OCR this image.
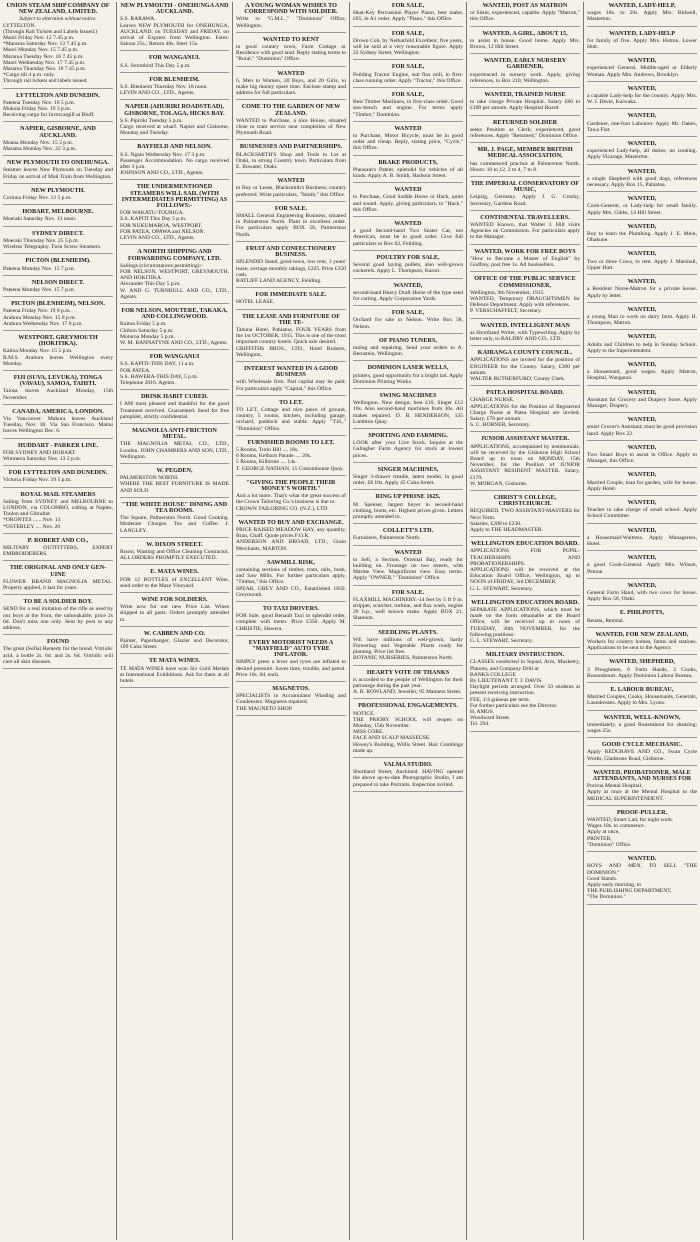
UNION STEAM SHIP COMPANY OF NEW ZEALAND, LIMITED.
Subject to alteration without notice.
LYTTELTON.
(Through Rail Tickets and Labels Issued.)
Maori Friday Nov. 12 7.45 p.m.
*Mararoa Saturday Nov. 13 7.45 p.m.
Maori Monday Nov. 15 7.45 p.m.
Mararoa Tuesday Nov. 16 7.45 p.m.
Maori Wednesday Nov. 17 7.45 p.m.
Mararoa Thursday Nov. 18 7.45 p.m.
*Cargo till 4 p.m. only.
Through rail tickets and labels issued.
LYTTELTON AND DUNEDIN.
Pateena Tuesday Nov. 16 5 p.m.
Mokoia Friday Nov. 19 3 p.m.
Receiving cargo for Invercargill at Bluff.
NAPIER, GISBORNE, AND AUCKLAND.
Moana Monday Nov. 15 3 p.m.
Marama Monday Nov. 22 3 p.m.
NEW PLYMOUTH TO ONEHUNGA.
Steamer leaves New Plymouth on Tuesday and Friday on arrival of Mail Train from Wellington.
NEW PLYMOUTH.
Corinna Friday Nov. 12 5 p.m.
HOBART, MELBOURNE.
Moeraki Saturday Nov. 13 noon.
SYDNEY DIRECT.
Moeraki Thursday Nov. 25 5 p.m.
Wireless Telegraphy. Twin Screw Steamers.
PICTON (BLENHEIM).
Pateena Monday Nov. 15 7 p.m.
NELSON DIRECT.
Pateena Monday Nov. 15 7 p.m.
PICTON (BLENHEIM), NELSON.
Pateena Friday Nov. 19 8 p.m.
Arahura Monday Nov. 15 8 p.m.
Arahura Wednesday Nov. 17 8 p.m.
WESTPORT, GREYMOUTH (HOKITIKA).
Kaitoa Monday Nov. 15 5 p.m.
R.M.S. Arahura leaves Wellington every Monday.
FIJI (SUVA, LEVUKA), TONGA (VAVAU), SAMOA, TAHITI.
Taiosa leaves Auckland Monday, 15th November.
CANADA, AMERICA, LONDON.
Via Vancouver. Makura leaves Auckland Tuesday, Nov. 30. Via San Francisco. Maitai leaves Wellington Dec. 6.
HUDDART - PARKER LINE.
FOR SYDNEY AND HOBART.
Wimmera Saturday Nov. 13 2 p.m.
FOR LYTTELTON AND DUNEDIN.
Victoria Friday Nov. 19 5 p.m.
ROYAL MAIL STEAMERS
Sailing from SYDNEY and MELBOURNE to LONDON, via COLOMBO, calling at Naples, Toulon and Gibraltar.
*ORONTES ...... Nov. 13
*OSTERLEY .... Nov. 20
P. ROBERT AND CO.,
MILITARY OUTFITTERS, EXPERT EMBROIDERERS.
THE ORIGINAL AND ONLY GEN-UINE
FLOWER BRAND MAGNOLIA METAL. Property applied, it last for years.
TO BE A SOLDIER BOY.
SEND for a real imitation of the rifle as used by our boys at the front, the unbreakable, price 2s 6d. Don't miss one only. Sent by post to any address.
FOUND
The great (Sofia) Remedy for the bread. Vitriolic acid, a bottle 2s. 6d. and 2s. 6d. Vitriolic will cure all skin diseases.
NEW PLYMOUTH - ONEHUNGA AND AUCKLAND.
S.S. RARAWA.
Leaves NEW PLYMOUTH for ONEHUNGA, AUCKLAND, on TUESDAY and FRIDAY, on arrival of Express from Wellington. Fares: Saloon 25s.; Return 40s. Steer 15s.
FOR WANGANUI.
S.S. Stormbird This Day 5 p.m.
FOR BLENHEIM.
S.S. Blenheim Thursday Nov. 18 noon.
LEVIN AND CO., LTD., Agents.
NAPIER (AHURIRI ROADSTEAD), GISBORNE, TOLAGA, HICKS BAY.
S.S. Pipiriki Tuesday 5 p.m.
Cargo received at wharf. Napier and Gisborne, Monday and Tuesday.
BAYFIELD AND NELSON.
S.S. Ngaio Wednesday Nov. 17 3 p.m.
Passenger Accommodation. No cargo received after 3 p.m.
JOHNSON AND CO., LTD., Agents.
THE UNDERMENTIONED STEAMERS WILL SAIL (WITH INTERMEDIATES PERMITTING) AS FOLLOWS:-
FOR WAKATU-TOURIGA.
S.S. KAPITI This Day 5 p.m.
FOR NUKUMAROA, WESTPORT.
FOR PATEA, OPAWA and NELSON.
LEVIN AND CO., LTD., Agents.
A NORTH SHIPPING AND FORWARDING COMPANY, LTD.
Sailings (circumstances permitting):-
FOR NELSON, WESTPORT, GREYMOUTH, AND HOKITIKA.
Alexander This Day 5 p.m.
W. AND G. TURNBULL AND CO., LTD., Agents.
FOR NELSON, MOUTERE, TAKAKA, AND COLLINGWOOD.
Kaitoa Friday 5 p.m.
Chilton Saturday 5 p.m.
Moturoa Monday 5 p.m.
W. M. BANNATYNE AND CO., LTD., Agents.
FOR WANGANUI
S.S. KAPITI-THIS DAY, 11 a.m.
FOR PATEA.
S.S. HAWERA-THIS DAY, 5 p.m.
Telephone 2016. Agents.
DRINK HABIT CURED.
I AM most pleased and thankful for the good Treatment received. Guaranteed. Send for free pamphlet, strictly confidential.
MAGNOLIA ANTI-FRICTION METAL.
THE MAGNOLIA METAL CO., LTD., London. JOHN CHAMBERS AND SON, LTD., Wellington.
W. PEGDEN,
PALMERSTON NORTH.
WHERE THE BEST FURNITURE IS MADE AND SOLD.
"THE WHITE HOUSE" DINING AND TEA ROOMS.
The Square, Palmerston North. Good Cooking. Moderate Charges. Tea and Coffee. J. LANGLEY.
W. DIXON STREET.
Room, Wasting and Office Cleaning Contractor. ALL ORDERS PROMPTLY EXECUTED.
E. MATA WINES.
FOR 12 BOTTLES of EXCELLENT Wine, send order to the Maze Vineyard.
WINE FOR SOLDIERS.
Write now for our new Price List. Wines shipped to all parts. Orders promptly attended to.
W. CABBEN AND CO.
Painter, Paperhanger, Glazier and Decorator, 109 Cuba Street.
TE MATA WINES.
TE MATA WINES have won Six Gold Medals at International Exhibitions. Ask for them at all hotels.
A YOUNG WOMAN WISHES TO CORRESPOND WITH SOLDIER.
Write to "G.M.L.," "Dominion" Office, Wellington.
WANTED TO RENT
in good country town, Farm Cottage or Residence with good land. Reply stating terms to "Rural," "Dominion" Office.
WANTED
6, Men to Women, 20 Boys, and 20 Girls, to make big money spare time. Enclose stamp and address for full particulars.
COME TO THE GARDEN OF NEW ZEALAND.
WANTED to Purchase, a nice House, situated close to tram service near completion of New Plymouth Road.
BUSINESSES AND PARTNERSHIPS.
BLACKSMITH'S Shop and Tools to Let at Otaki, in strong Country town. Particulars from E. Bowater, Otaki.
WANTED
to Buy or Lease, Blacksmith's Business; country preferred. Write particulars, "Smith," this Office.
FOR SALE.
SMALL General Engineering Business, situated in Palmerston North. Plant in excellent order. For particulars apply BOX 58, Palmerston North.
FRUIT AND CONFECTIONERY BUSINESS.
SPLENDID Stand, good town, low rent, 3 years' lease; average monthly takings, £225. Price £350 cash.
RATLIFF LAND AGENCY, Feilding.
FOR IMMEDIATE SALE.
HOTEL LEASE.
THE LEASE AND FURNITURE OF THE TE-
Tahuna Hotel, Pahiatua, FOUR YEARS from the 1st OCTOBER, 1915. This is one of the most important country hotels. Quick sale desired.
GRIFFITHS BROS., LTD., Hotel Brokers, Wellington.
INTEREST WANTED IN A GOOD BUSINESS
with Wholesale firm. Part capital may be paid. For particulars apply "Capital," this Office.
TO LET.
TO LET, Cottage and nice piece of ground, country, 5 rooms, kitchen, including garage, orchard, paddock and stable. Apply "T.H.," "Dominion" Office.
FURNISHED ROOMS TO LET.
5 Rooms, Turin Hill .... 18s.
6 Rooms, Kelburn Parade .... 20s.
5 Rooms, Kilbirnie .... 14s.
T. GEORGE NATHAN, 15 Customhouse Quay.
"GIVING THE PEOPLE THEIR MONEY'S WORTH."
And a lot more. That's what the great success of the Crown Tailoring Co.'s business is due to.
CROWN TAILORING CO. (N.Z.), LTD.
WANTED TO BUY AND EXCHANGE.
PRICE RAISED MEADOW HAY, any quantity, Bran, Chaff. Quote prices F.O.R.
ANDERSON AND BROAD, LTD., Grain Merchants, MARTON.
SAWMILL RISK,
containing sections of timber, tram, rails, bush, and Saw Mills. For further particulars apply, "Timber," this Office.
SPEAR, GREY AND CO., Established 1850. Greymouth.
TO TAXI DRIVERS.
FOR Sale, good Renault Taxi in splendid order, complete with meter. Price £350. Apply M. CHRISTIE, Hawera.
EVERY MOTORIST NEEDS A "MAYFIELD" AUTO TYRE INFLATOR.
SIMPLY press a lever and tyres are inflated to desired pressure. Saves time, trouble, and petrol. Price 10s. 6d. each.
MAGNETOS.
SPECIALISTS in Accumulator Winding and Condensers. Magnetos repaired.
THE MAGNETO SHOP.
FOR SALE,
Heat-Key Percussion Player Piano, best make, £85, in A1 order. Apply "Piano," this Office.
FOR SALE,
Drown Cob, by Nelbachild Excellent, five years, will be sold at a very reasonable figure. Apply 22 Sydney Street, Wellington.
FOR SALE,
Feilding Tractor Engine, suit flax mill, in first-class running order. Apply "Tractor," this Office.
FOR SALE,
Best Timber Machines, in first-class order. Good saw-bench and engine. For terms apply "Timber," Dominion.
WANTED
to Purchase, Motor Bicycle, must be in good order and cheap. Reply, stating price, "Cycle," this Office.
BRAKE PRODUCTS,
Pheasant's Patent, splendid for vehicles of all kinds. Apply A. B. Smith, Harbour Street.
WANTED
to Purchase, Good Saddle Horse or Hack, quiet and sound. Apply, giving particulars, to "Hack," this Office.
WANTED
a good Second-hand Two Seater Car, not American, must be in good order. Give full particulars to Box 62, Feilding.
POULTRY FOR SALE,
Several good laying pullets, also well-grown cockerels. Apply L. Thompson, Karori.
WANTED,
second-hand Heavy Draft Horse of the type used for carting. Apply Corporation Yards.
FOR SALE,
Orchard for sale in Nelson. Write Box 58, Nelson.
OF PIANO TUNERS,
tuning and repairing. Send your orders to A. Bernstein, Wellington.
DOMINION LASER WELLS,
printers, good opportunity for a bright lad. Apply Dominion Printing Works.
SWING MACHINES
Wellington. New design; best £10, Singer £12 10s. Also second-hand machines from 30s. All makes repaired. D. B. HENDERSON, 135 Lambton Quay.
SPORTING AND FARMING.
LOOK after your Live Stock. Inquire at the Gallagher Farm Agency for stock at lowest prices.
SINGER MACHINES,
Singer 3-drawer treadle, latest model, in good order, £8 10s. Apply 45 Cuba Street.
RING UP PHONE 1625,
M. Spenser, largest buyer in second-hand clothing, boots, etc. Highest prices given. Letters promptly attended to.
COLLETT'S LTD.
Furnishers, Palmerston North.
WANTED
to Sell, a Section, Oriental Bay, ready for building on. Frontage on two streets, with Marine View. Magnificent view. Easy terms. Apply "OWNER," "Dominion" Office.
FOR SALE.
FLAXMILL MACHINERY.-14 feet by 5 ft 9 in. stripper, scutcher, turbine, and flax wash, engine 20 h.p., well known make. Apply BOX 21, Shannon.
SEEDLING PLANTS.
WE have millions of well-grown, hardy Flowering and Vegetable Plants ready for planting. Price list free.
BOTANIC NURSERIES, Palmerston North.
HEARTY VOTE OF THANKS
is accorded to the people of Wellington for their patronage during the past year.
A. R. ROWLAND, Jeweller, 95 Manners Street.
PROFESSIONAL ENGAGEMENTS.
NOTICE.
THE PRIORY SCHOOL will reopen on Monday, 15th November.
MISS CORE.
FACE AND SCALP MASSEUSE.
Howey's Building, Willis Street. Hair Combings made up.
VALMA STUDIO.
Shortland Street, Auckland. HAVING opened the above up-to-date Photographic Studio, I am prepared to take Portraits. Inspection invited.
WANTED, POST AS MATRON
or Sister, experienced, capable. Apply "Matron," this Office.
WANTED, A GIRL, ABOUT 15,
to assist in house. Good home. Apply Mrs. Brown, 12 Hill Street.
WANTED, EARLY NURSERY GARDENER,
experienced in nursery work. Apply, giving references, to Box 210, Wellington.
WANTED, TRAINED NURSE
to take charge Private Hospital. Salary £80 to £100 per annum. Apply Hospital Board.
RETURNED SOLDIER
seeks Position as Clerk; experienced, good references. Apply "Returned," Dominion Office.
MR. J. PAGE, MEMBER BRITISH MEDICAL ASSOCIATION,
has commenced practice at Palmerston North. Hours: 10 to 12, 2 to 4, 7 to 8.
THE IMPERIAL CONSERVATORY OF MUSIC,
Leipzig, Germany. Apply J. G. Crosby, Secretary, Gardens Road.
CONTINENTAL TRAVELLERS.
WANTED Known, that Walter J. Hill visits Agencies on Commission. For particulars apply to the Manager.
WANTED, WORK FOR FREE BOYS
"How to Become a Master of English" by Godfrey, post free 1s. All booksellers.
OFFICE OF THE PUBLIC SERVICE COMMISSIONER,
Wellington, 9th November, 1915.
WANTED, Temporary DRAUGHTSMEN for Defence Department. Apply with references.
P. VERSCHAFFELT, Secretary.
WANTED, INTELLIGENT MAN
as Shorthand Writer, with Typewriting. Apply by letter only, to BALDRY AND CO., LTD.
KAIRANGA COUNTY COUNCIL.
APPLICATIONS are invited for the position of ENGINEER for the County. Salary, £300 per annum.
WALTER RUTHERFURD, County Clerk.
PATEA HOSPITAL BOARD.
CHARGE NURSE.
APPLICATIONS for the Position of Registered Charge Nurse at Patea Hospital are invited. Salary, £70 per annum.
S. C. HORNER, Secretary.
JUNIOR ASSISTANT MASTER.
APPLICATIONS, accompanied by testimonials, will be received by the Gisborne High School Board up to noon on MONDAY, 15th November, for the Position of JUNIOR ASSISTANT RESIDENT MASTER. Salary, £170.
W. MORGAN, Gisborne.
CHRIST'S COLLEGE, CHRISTCHURCH.
REQUIRED, TWO ASSISTANT-MASTERS for Next Term.
Salaries, £200 to £230.
Apply to THE HEADMASTER.
WELLINGTON EDUCATION BOARD.
APPLICATIONS FOR PUPIL-TEACHERSHIPS AND PROBATIONERSHIPS.
APPLICATIONS will be received at the Education Board Office, Wellington, up to NOON of FRIDAY, 3rd DECEMBER.
G. L. STEWART, Secretary.
WELLINGTON EDUCATION BOARD.
SEPARATE APPLICATIONS, which must be made on the form obtainable at the Board Office, will be received up to noon of TUESDAY, 30th NOVEMBER, for the following positions:
G. L. STEWART, Secretary.
MILITARY INSTRUCTION.
CLASSES conducted in Squad, Arm, Musketry, Platoon, and Company Drill at
BANKS COLLEGE
By LIEUTENANT T. J. DAVIS.
Daylight periods arranged. Over 50 students at present receiving instruction.
FEE, 1/4 guineas per term.
For further particulars see the Director.
H. AMOS.
Woodward Street.
Tel. 294.
WANTED, LADY-HELP,
wages 18s. to 20s. Apply Mrs. Bidwell, Masterton.
WANTED, LADY-HELP
for family of five. Apply Mrs. Hutton, Lower Hutt.
WANTED,
experienced General, Middle-aged or Elderly Woman. Apply Mrs. Andrews, Brooklyn.
WANTED,
a capable Lady-help for the country. Apply Mrs. W. J. Devie, Kaiwaka.
WANTED,
Gardener, one-foot Labourer. Apply Mr. Oakes, Tawa Flat.
WANTED,
experienced Lady-help, all duties; no cooking. Apply Vicarage, Masterton.
WANTED,
a single Shepherd with good dogs, references necessary. Apply Box 15, Pahiatua.
WANTED,
Cook-General, or Lady-help for small family. Apply Mrs. Gibbs, 14 Hill Street.
WANTED,
Boy to learn the Plumbing. Apply J. E. Mein, Ohakune.
WANTED,
Two or three Cows, to rent. Apply J. Marshall, Upper Hutt.
WANTED,
a Resident Nurse-Matron for a private house. Apply by letter.
WANTED,
a young Man to work on dairy farm. Apply H. Thompson, Marton.
WANTED,
Adults and Children to help in Sunday School. Apply to the Superintendent.
WANTED,
a Housemaid, good wages. Apply Matron, Hospital, Wanganui.
WANTED,
Assistant for Grocery and Drapery Store. Apply Manager, Drapery.
WANTED,
smart Grocer's Assistant; must be good provision hand. Apply Box 22.
WANTED,
Two Smart Boys to assist in Office. Apply to Manager, this Office.
WANTED,
Married Couple, man for garden, wife for house. Apply Hotel.
WANTED,
Teacher to take charge of small school. Apply School Committee.
WANTED,
a Housemaid-Waitress. Apply Manageress, Hotel.
WANTED,
a good Cook-General. Apply Mrs. Wilson, Petone.
WANTED,
General Farm Hand, with two cows for house. Apply Box 50, Otaki.
E. PHILPOTTS,
Renata, Renmal.
WANTED, FOR NEW ZEALAND,
Workers for country homes, farms and stations. Applications to be sent to the Agency.
WANTED, SHEPHERD,
3 Ploughmen, 6 Farm Hands, 2 Cooks, Rouseabouts. Apply Dominion Labour Bureau.
E. LABOUR BUREAU,
Married Couples, Cooks, Housemaids, Generals, Laundresses. Apply to Mrs. Lyons.
WANTED, WELL-KNOWN,
immediately, a good Rouseabout for shearing; wages 25s.
GOOD CYCLE MECHANIC.
Apply REDGRAVE AND CO., Swan Cycle Works, Gladstone Road, Gisborne.
WANTED, PROBATIONER, MALE ATTENDANTS, AND NURSES FOR
Porirua Mental Hospital.
Apply at once at the Mental Hospital to the MEDICAL SUPERINTENDENT.
PROOF-PULLER.
WANTED, Smart Lad, for night work.
Wages 18s. to commence.
Apply at once,
PRINTER,
"Dominion" Office.
WANTED.
BOYS AND MEN, TO SELL "THE DOMINION."
Good Stands.
Apply early morning, to
THE PUBLISHING DEPARTMENT,
"The Dominion."
